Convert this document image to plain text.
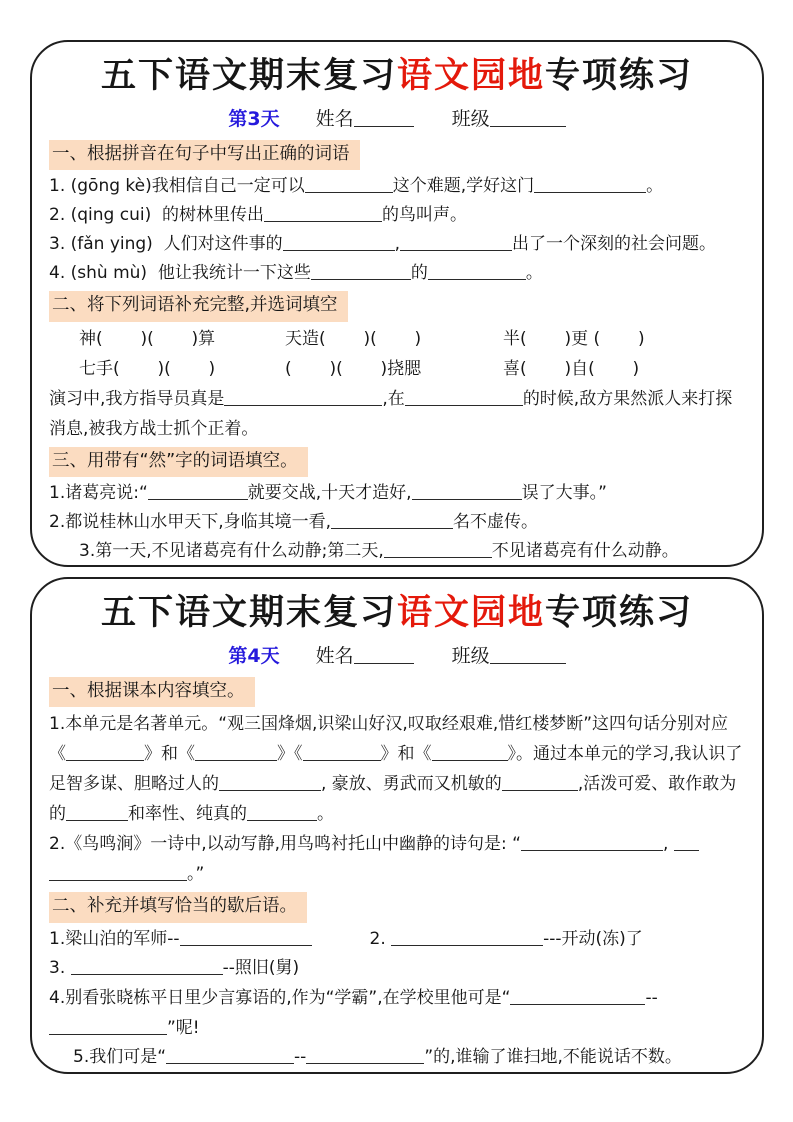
五下语文期末复习语文园地专项练习
第3天 姓名	班级
一、根据拼音在句子中写出正确的词语
1. (gōng kè)我相信自己一定可以	这个难题,学好这门	。
2. (qing cui)  的树林里传出	的鸟叫声。
3. (fǎn ying)  人们对这件事的	,	出了一个深刻的社会问题。
4. (shù mù)  他让我统计一下这些	的	。
二、将下列词语补充完整,并选词填空
神(       )(       )算	天造(       )(       )	半(       )更 (       )
七手(       )(       )	(       )(       )挠腮	喜(       )自(       )
演习中,我方指导员真是	,在	的时候,敌方果然派人来打探消息,被我方战士抓个正着。
三、用带有“然”字的词语填空。
1.诸葛亮说:“	就要交战,十天才造好,	误了大事。”
2.都说桂林山水甲天下,身临其境一看,	名不虚传。
3.第一天,不见诸葛亮有什么动静;第二天,	不见诸葛亮有什么动静。
五下语文期末复习语文园地专项练习
第4天 姓名	班级
一、根据课本内容填空。
1.本单元是名著单元。“观三国烽烟,识梁山好汉,叹取经艰难,惜红楼梦断”这四句话分别对应《	》和《	》《	》和《	》。通过本单元的学习,我认识了足智多谋、胆略过人的	, 豪放、勇武而又机敏的	,活泼可爱、敢作敢为的	和率性、纯真的	。
2.《鸟鸣涧》一诗中,以动写静,用鸟鸣衬托山中幽静的诗句是: “	,
。”
二、补充并填写恰当的歇后语。
1.梁山泊的军师--	2.	---开动(冻)了
3.	--照旧(舅)
4.别看张晓栋平日里少言寡语的,作为“学霸”,在学校里他可是“	--
”呢!
5.我们可是“	--	”的,谁输了谁扫地,不能说话不数。
